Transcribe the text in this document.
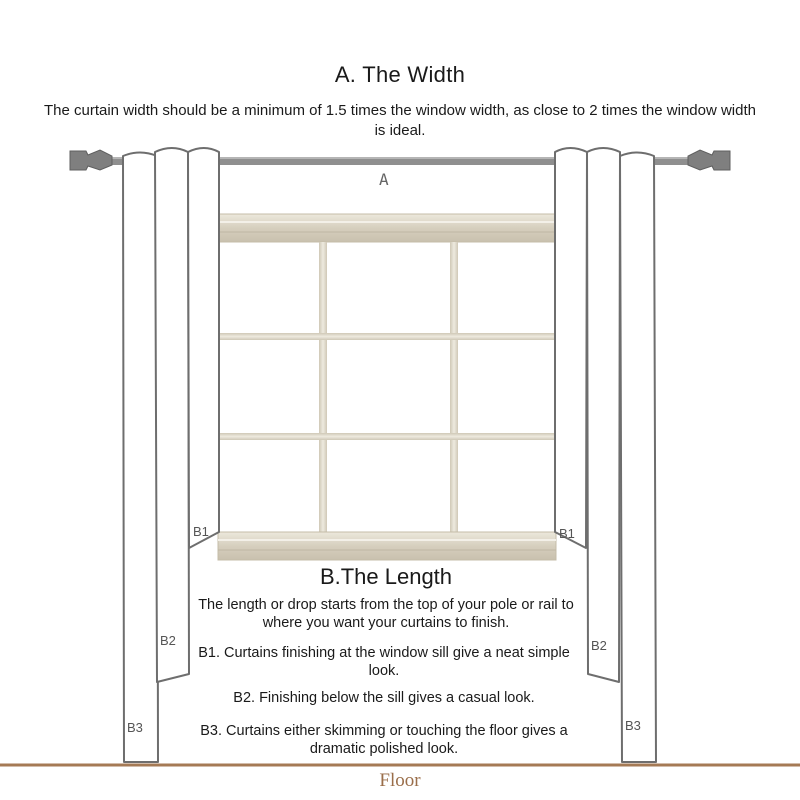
A. The Width
The curtain width should be a minimum of 1.5 times the window width, as close to 2 times the window width is ideal.
A
B.The Length
The length or drop starts from the top of your pole or rail to where you want your curtains to finish.
B1. Curtains finishing at the window sill give a neat simple look.
B2. Finishing below the sill gives a casual look.
B3. Curtains either skimming or touching the floor gives a dramatic polished look.
B1
B2
B3
B1
B2
B3
Floor
